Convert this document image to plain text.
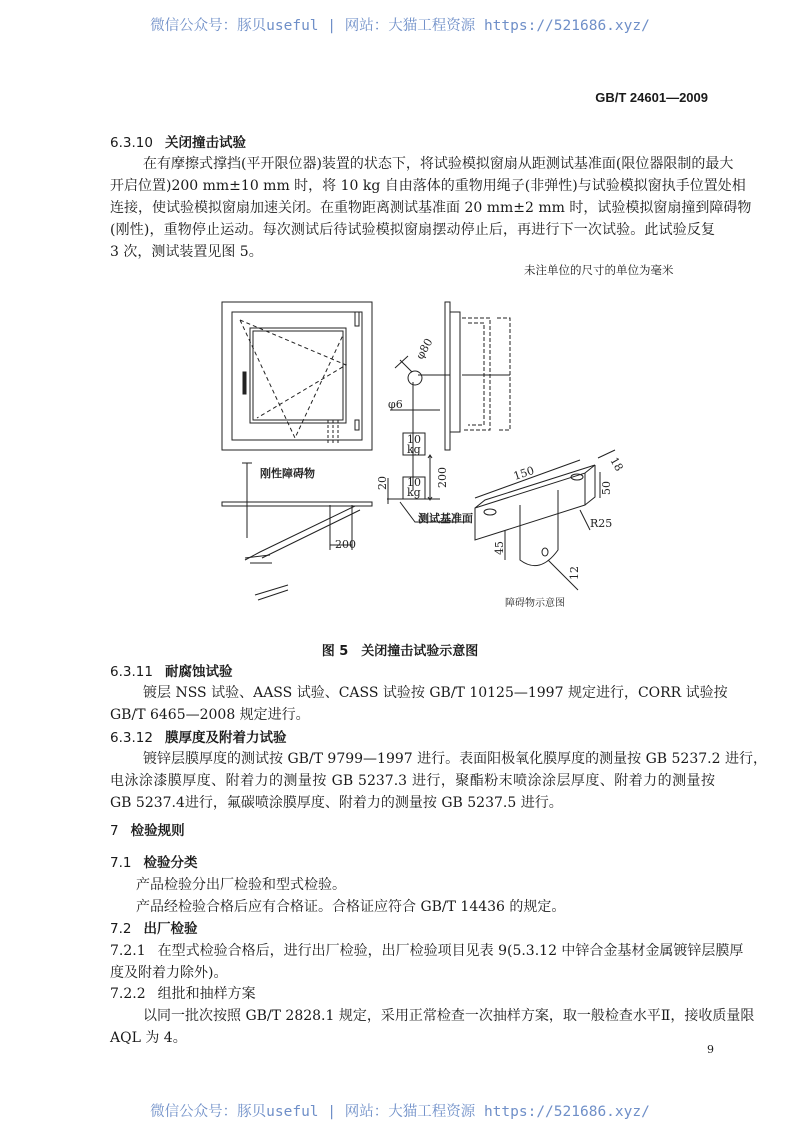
微信公众号：豚贝useful | 网站：大猫工程资源 https://521686.xyz/
GB/T 24601—2009
6.3.10 关闭撞击试验
在有摩擦式撑挡(平开限位器)装置的状态下，将试验模拟窗扇从距测试基准面(限位器限制的最大
开启位置)200 mm±10 mm 时，将 10 kg 自由落体的重物用绳子(非弹性)与试验模拟窗执手位置处相
连接，使试验模拟窗扇加速关闭。在重物距离测试基准面 20 mm±2 mm 时，试验模拟窗扇撞到障碍物
(刚性)，重物停止运动。每次测试后待试验模拟窗扇摆动停止后，再进行下一次试验。此试验反复
3 次，测试装置见图 5。
未注单位的尺寸的单位为毫米
刚性障碍物
φ80
φ6
10
kg
10
kg
200
20
200
测试基准面
150	18
50
R25
45
12
障碍物示意图
图 5　关闭撞击试验示意图
6.3.11 耐腐蚀试验
镀层 NSS 试验、AASS 试验、CASS 试验按 GB/T 10125—1997 规定进行，CORR 试验按
GB/T 6465—2008 规定进行。
6.3.12 膜厚度及附着力试验
镀锌层膜厚度的测试按 GB/T 9799—1997 进行。表面阳极氧化膜厚度的测量按 GB 5237.2 进行，
电泳涂漆膜厚度、附着力的测量按 GB 5237.3 进行，聚酯粉末喷涂涂层厚度、附着力的测量按
GB 5237.4进行，氟碳喷涂膜厚度、附着力的测量按 GB 5237.5 进行。
7 检验规则
7.1 检验分类
产品检验分出厂检验和型式检验。
产品经检验合格后应有合格证。合格证应符合 GB/T 14436 的规定。
7.2 出厂检验
7.2.1 在型式检验合格后，进行出厂检验，出厂检验项目见表 9(5.3.12 中锌合金基材金属镀锌层膜厚
度及附着力除外)。
7.2.2 组批和抽样方案
以同一批次按照 GB/T 2828.1 规定，采用正常检查一次抽样方案，取一般检查水平Ⅱ，接收质量限
AQL 为 4。
9
微信公众号：豚贝useful | 网站：大猫工程资源 https://521686.xyz/
